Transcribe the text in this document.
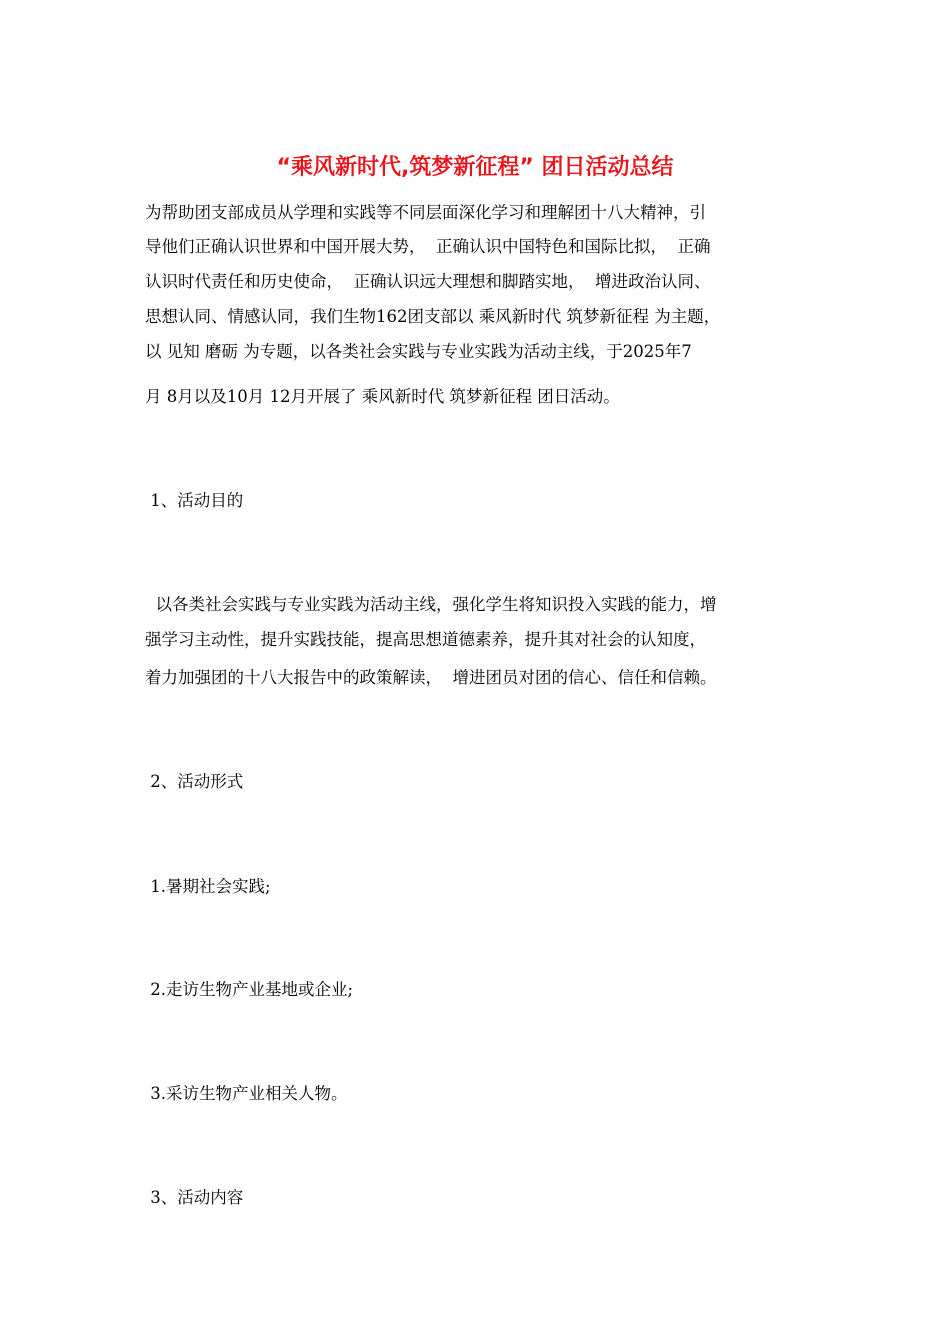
“乘风新时代,筑梦新征程” 团日活动总结
为帮助团支部成员从学理和实践等不同层面深化学习和理解团十八大精神，引
导他们正确认识世界和中国开展大势，  正确认识中国特色和国际比拟，  正确
认识时代责任和历史使命，  正确认识远大理想和脚踏实地，  增进政治认同、
思想认同、情感认同，我们生物162团支部以 乘风新时代 筑梦新征程 为主题，
以 见知 磨砺 为专题，以各类社会实践与专业实践为活动主线，于2025年7
月 8月以及10月 12月开展了 乘风新时代 筑梦新征程 团日活动。
1、活动目的
以各类社会实践与专业实践为活动主线，强化学生将知识投入实践的能力，增
强学习主动性，提升实践技能，提高思想道德素养，提升其对社会的认知度，
着力加强团的十八大报告中的政策解读，  增进团员对团的信心、信任和信赖。
2、活动形式
1.暑期社会实践;
2.走访生物产业基地或企业;
3.采访生物产业相关人物。
3、活动内容
